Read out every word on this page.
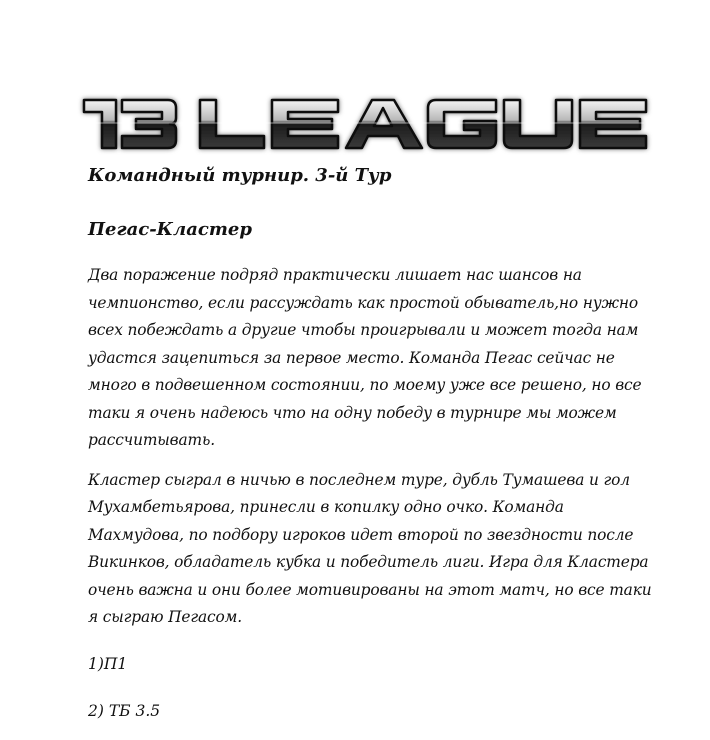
Командный турнир. 3-й Тур

Пегас-Кластер

Два поражение подряд практически лишает нас шансов на чемпионство, если рассуждать как простой обыватель,но нужно всех побеждать а другие чтобы проигрывали и может тогда нам удастся зацепиться за первое место. Команда Пегас сейчас не много в подвешенном состоянии, по моему уже все решено, но все таки я очень надеюсь что на одну победу в турнире мы можем рассчитывать.

Кластер сыграл в ничью в последнем туре, дубль Тумашева и гол Мухамбетьярова, принесли в копилку одно очко. Команда Махмудова, по подбору игроков идет второй по звездности после Викинков, обладатель кубка и победитель лиги. Игра для Кластера очень важна и они более мотивированы на этот матч, но все таки я сыграю Пегасом.

1)П1

2) ТБ 3.5
